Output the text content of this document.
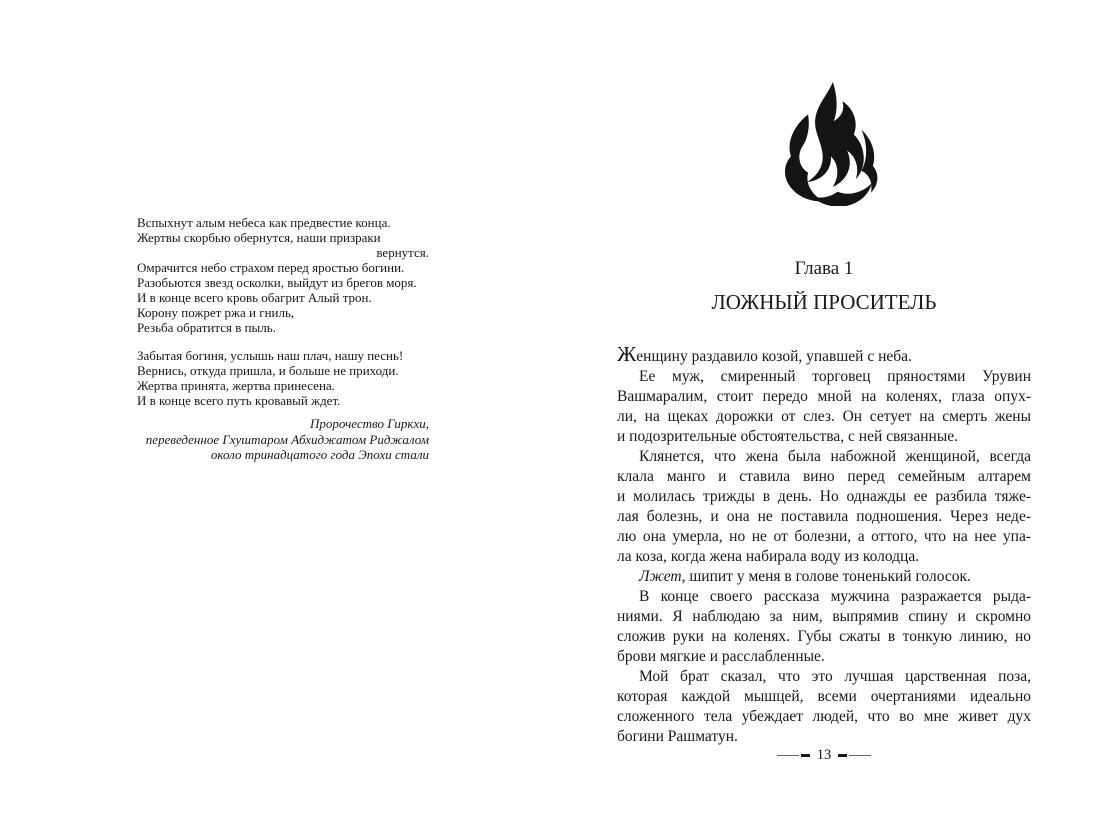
Вспыхнут алым небеса как предвестие конца.
Жертвы скорбью обернутся, наши призраки
вернутся.
Омрачится небо страхом перед яростью богини.
Разобьются звезд осколки, выйдут из брегов моря.
И в конце всего кровь обагрит Алый трон.
Корону пожрет ржа и гниль,
Резьба обратится в пыль.
Забытая богиня, услышь наш плач, нашу песнь!
Вернись, откуда пришла, и больше не приходи.
Жертва принята, жертва принесена.
И в конце всего путь кровавый ждет.
Пророчество Гиркхи,
переведенное Гхуштаром Абхиджатом Риджалом
около тринадцатого года Эпохи стали
Глава 1
ЛОЖНЫЙ ПРОСИТЕЛЬ
Женщину раздавило козой, упавшей с неба.
Ее муж, смиренный торговец пряностями Урувин
Вашмаралим, стоит передо мной на коленях, глаза опух-
ли, на щеках дорожки от слез. Он сетует на смерть жены
и подозрительные обстоятельства, с ней связанные.
Клянется, что жена была набожной женщиной, всегда
клала манго и ставила вино перед семейным алтарем
и молилась трижды в день. Но однажды ее разбила тяже-
лая болезнь, и она не поставила подношения. Через неде-
лю она умерла, но не от болезни, а оттого, что на нее упа-
ла коза, когда жена набирала воду из колодца.
Лжет, шипит у меня в голове тоненький голосок.
В конце своего рассказа мужчина разражается рыда-
ниями. Я наблюдаю за ним, выпрямив спину и скромно
сложив руки на коленях. Губы сжаты в тонкую линию, но
брови мягкие и расслабленные.
Мой брат сказал, что это лучшая царственная поза,
которая каждой мышцей, всеми очертаниями идеально
сложенного тела убеждает людей, что во мне живет дух
богини Рашматун.
13
